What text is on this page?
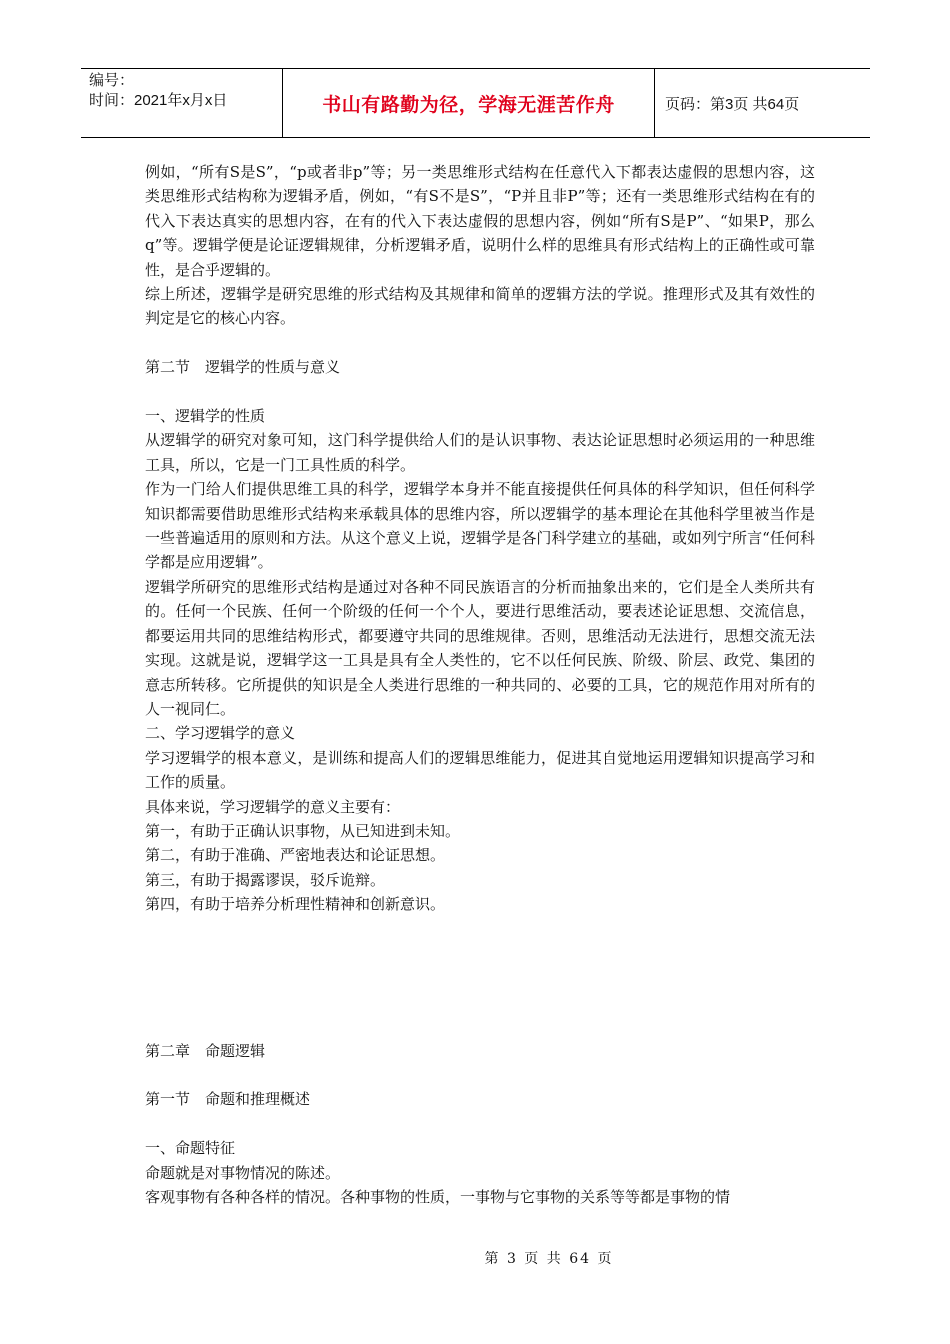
编号：
时间：2021年x月x日	书山有路勤为径，学海无涯苦作舟	页码：第3页 共64页

例如，“所有S是S”，“p或者非p”等；另一类思维形式结构在任意代入下都表达虚假的思想内容，这类思维形式结构称为逻辑矛盾，例如，“有S不是S”，“P并且非P”等；还有一类思维形式结构在有的代入下表达真实的思想内容，在有的代入下表达虚假的思想内容，例如“所有S是P”、“如果P，那么q”等。逻辑学便是论证逻辑规律，分析逻辑矛盾，说明什么样的思维具有形式结构上的正确性或可靠性，是合乎逻辑的。

综上所述，逻辑学是研究思维的形式结构及其规律和简单的逻辑方法的学说。推理形式及其有效性的判定是它的核心内容。

第二节　逻辑学的性质与意义

一、逻辑学的性质

从逻辑学的研究对象可知，这门科学提供给人们的是认识事物、表达论证思想时必须运用的一种思维工具，所以，它是一门工具性质的科学。

作为一门给人们提供思维工具的科学，逻辑学本身并不能直接提供任何具体的科学知识，但任何科学知识都需要借助思维形式结构来承载具体的思维内容，所以逻辑学的基本理论在其他科学里被当作是一些普遍适用的原则和方法。从这个意义上说，逻辑学是各门科学建立的基础，或如列宁所言“任何科学都是应用逻辑”。

逻辑学所研究的思维形式结构是通过对各种不同民族语言的分析而抽象出来的，它们是全人类所共有的。任何一个民族、任何一个阶级的任何一个个人，要进行思维活动，要表述论证思想、交流信息，都要运用共同的思维结构形式，都要遵守共同的思维规律。否则，思维活动无法进行，思想交流无法实现。这就是说，逻辑学这一工具是具有全人类性的，它不以任何民族、阶级、阶层、政党、集团的意志所转移。它所提供的知识是全人类进行思维的一种共同的、必要的工具，它的规范作用对所有的人一视同仁。

二、学习逻辑学的意义

学习逻辑学的根本意义，是训练和提高人们的逻辑思维能力，促进其自觉地运用逻辑知识提高学习和工作的质量。

具体来说，学习逻辑学的意义主要有：

第一，有助于正确认识事物，从已知进到未知。

第二，有助于准确、严密地表达和论证思想。

第三，有助于揭露谬误，驳斥诡辩。

第四，有助于培养分析理性精神和创新意识。

第二章　命题逻辑

第一节　命题和推理概述

一、命题特征

命题就是对事物情况的陈述。

客观事物有各种各样的情况。各种事物的性质，一事物与它事物的关系等等都是事物的情

第 3 页 共 64 页
